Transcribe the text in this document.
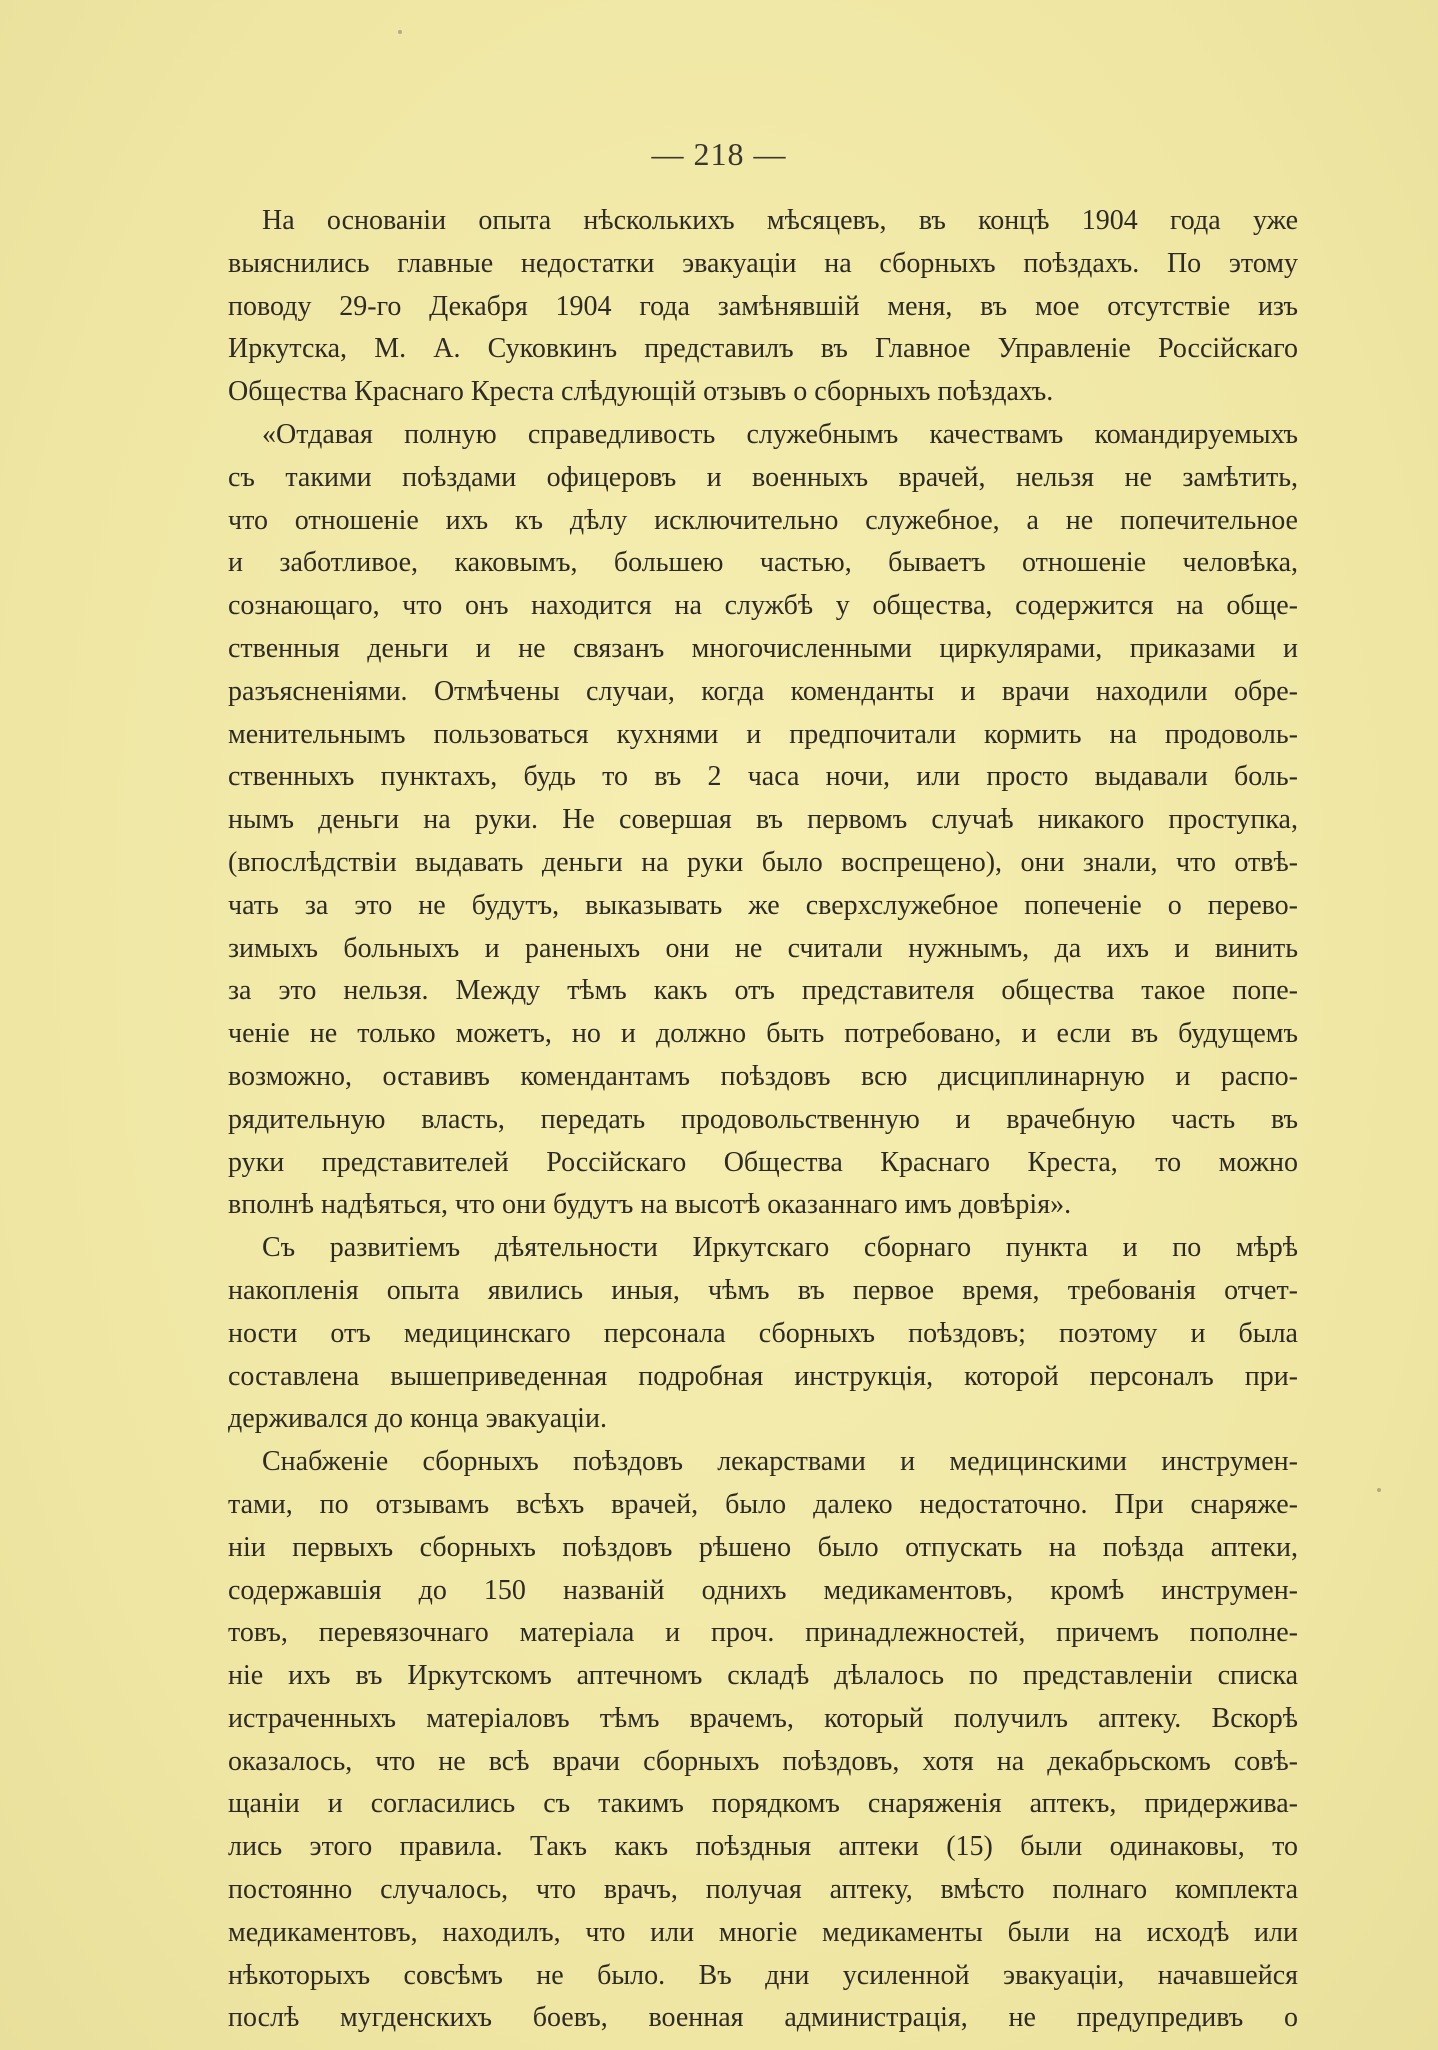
— 218 —
На основаніи опыта нѣсколькихъ мѣсяцевъ, въ концѣ 1904 года уже
выяснились главные недостатки эвакуаціи на сборныхъ поѣздахъ. По этому
поводу 29-го Декабря 1904 года замѣнявшій меня, въ мое отсутствіе изъ
Иркутска, М. А. Суковкинъ представилъ въ Главное Управленіе Россійскаго
Общества Краснаго Креста слѣдующій отзывъ о сборныхъ поѣздахъ.
«Отдавая полную справедливость служебнымъ качествамъ командируемыхъ
съ такими поѣздами офицеровъ и военныхъ врачей, нельзя не замѣтить,
что отношеніе ихъ къ дѣлу исключительно служебное, а не попечительное
и заботливое, каковымъ, большею частью, бываетъ отношеніе человѣка,
сознающаго, что онъ находится на службѣ у общества, содержится на обще-
ственныя деньги и не связанъ многочисленными циркулярами, приказами и
разъясненіями. Отмѣчены случаи, когда коменданты и врачи находили обре-
менительнымъ пользоваться кухнями и предпочитали кормить на продоволь-
ственныхъ пунктахъ, будь то въ 2 часа ночи, или просто выдавали боль-
нымъ деньги на руки. Не совершая въ первомъ случаѣ никакого проступка,
(впослѣдствіи выдавать деньги на руки было воспрещено), они знали, что отвѣ-
чать за это не будутъ, выказывать же сверхслужебное попеченіе о перево-
зимыхъ больныхъ и раненыхъ они не считали нужнымъ, да ихъ и винить
за это нельзя. Между тѣмъ какъ отъ представителя общества такое попе-
ченіе не только можетъ, но и должно быть потребовано, и если въ будущемъ
возможно, оставивъ комендантамъ поѣздовъ всю дисциплинарную и распо-
рядительную власть, передать продовольственную и врачебную часть въ
руки представителей Россійскаго Общества Краснаго Креста, то можно
вполнѣ надѣяться, что они будутъ на высотѣ оказаннаго имъ довѣрія».
Съ развитіемъ дѣятельности Иркутскаго сборнаго пункта и по мѣрѣ
накопленія опыта явились иныя, чѣмъ въ первое время, требованія отчет-
ности отъ медицинскаго персонала сборныхъ поѣздовъ; поэтому и была
составлена вышеприведенная подробная инструкція, которой персоналъ при-
держивался до конца эвакуаціи.
Снабженіе сборныхъ поѣздовъ лекарствами и медицинскими инструмен-
тами, по отзывамъ всѣхъ врачей, было далеко недостаточно. При снаряже-
ніи первыхъ сборныхъ поѣздовъ рѣшено было отпускать на поѣзда аптеки,
содержавшія до 150 названій однихъ медикаментовъ, кромѣ инструмен-
товъ, перевязочнаго матеріала и проч. принадлежностей, причемъ пополне-
ніе ихъ въ Иркутскомъ аптечномъ складѣ дѣлалось по представленіи списка
истраченныхъ матеріаловъ тѣмъ врачемъ, который получилъ аптеку. Вскорѣ
оказалось, что не всѣ врачи сборныхъ поѣздовъ, хотя на декабрьскомъ совѣ-
щаніи и согласились съ такимъ порядкомъ снаряженія аптекъ, придержива-
лись этого правила. Такъ какъ поѣздныя аптеки (15) были одинаковы, то
постоянно случалось, что врачъ, получая аптеку, вмѣсто полнаго комплекта
медикаментовъ, находилъ, что или многіе медикаменты были на исходѣ или
нѣкоторыхъ совсѣмъ не было. Въ дни усиленной эвакуаціи, начавшейся
послѣ мугденскихъ боевъ, военная администрація, не предупредивъ о
